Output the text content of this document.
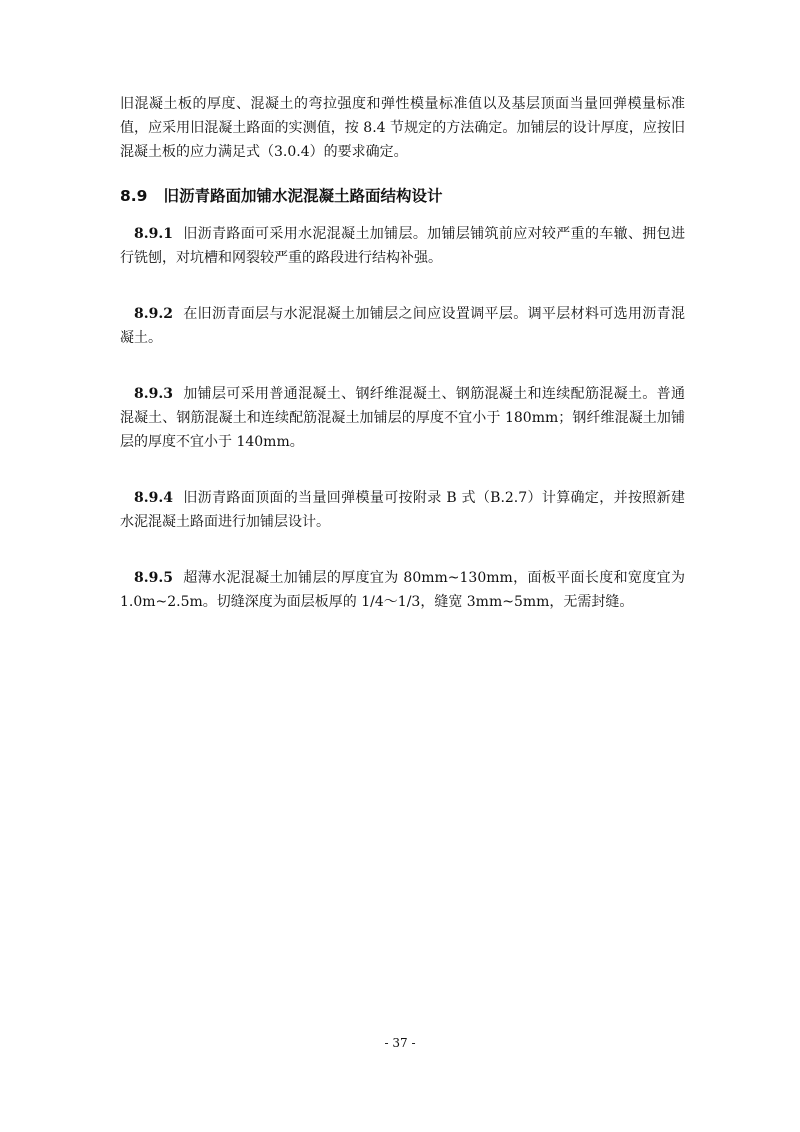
旧混凝土板的厚度、混凝土的弯拉强度和弹性模量标准值以及基层顶面当量回弹模量标准值，应采用旧混凝土路面的实测值，按 8.4 节规定的方法确定。加铺层的设计厚度，应按旧混凝土板的应力满足式（3.0.4）的要求确定。

8.9 旧沥青路面加铺水泥混凝土路面结构设计

8.9.1 旧沥青路面可采用水泥混凝土加铺层。加铺层铺筑前应对较严重的车辙、拥包进行铣刨，对坑槽和网裂较严重的路段进行结构补强。

8.9.2 在旧沥青面层与水泥混凝土加铺层之间应设置调平层。调平层材料可选用沥青混凝土。

8.9.3 加铺层可采用普通混凝土、钢纤维混凝土、钢筋混凝土和连续配筋混凝土。普通混凝土、钢筋混凝土和连续配筋混凝土加铺层的厚度不宜小于 180mm；钢纤维混凝土加铺层的厚度不宜小于 140mm。

8.9.4 旧沥青路面顶面的当量回弹模量可按附录 B 式（B.2.7）计算确定，并按照新建水泥混凝土路面进行加铺层设计。

8.9.5 超薄水泥混凝土加铺层的厚度宜为 80mm~130mm，面板平面长度和宽度宜为 1.0m~2.5m。切缝深度为面层板厚的 1/4～1/3，缝宽 3mm~5mm，无需封缝。

- 37 -
